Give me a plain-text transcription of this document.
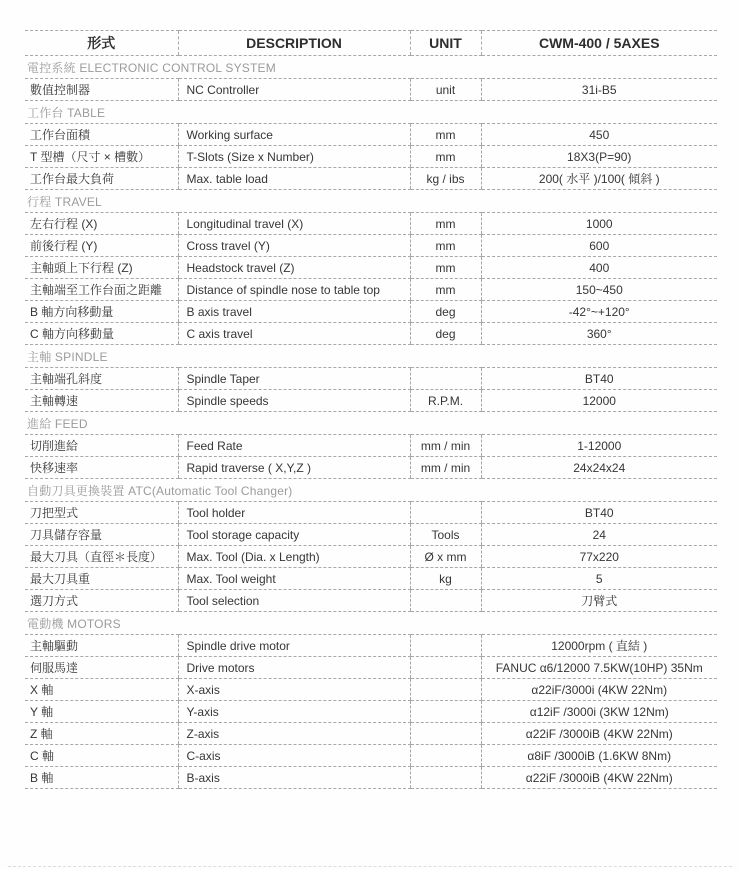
形式	DESCRIPTION	UNIT	CWM-400 / 5AXES
電控系統 ELECTRONIC CONTROL SYSTEM			
數值控制器	NC Controller	unit	31i-B5
工作台 TABLE			
工作台面積	Working surface	mm	450
T 型槽（尺寸 × 槽數）	T-Slots (Size x Number)	mm	18X3(P=90)
工作台最大負荷	Max. table load	kg / ibs	200( 水平 )/100( 傾斜 )
行程 TRAVEL			
左右行程 (X)	Longitudinal travel (X)	mm	1000
前後行程 (Y)	Cross travel (Y)	mm	600
主軸頭上下行程 (Z)	Headstock travel (Z)	mm	400
主軸端至工作台面之距離	Distance of spindle nose to table top	mm	150~450
B 軸方向移動量	B axis travel	deg	-42°~+120°
C 軸方向移動量	C axis travel	deg	360°
主軸 SPINDLE			
主軸端孔斜度	Spindle Taper		BT40
主軸轉速	Spindle speeds	R.P.M.	12000
進給 FEED			
切削進給	Feed Rate	mm / min	1-12000
快移速率	Rapid traverse ( X,Y,Z )	mm / min	24x24x24
自動刀具更換裝置 ATC(Automatic Tool Changer)			
刀把型式	Tool holder		BT40
刀具儲存容量	Tool storage capacity	Tools	24
最大刀具（直徑＊長度）	Max. Tool (Dia. x Length)	Ø x mm	77x220
最大刀具重	Max. Tool weight	kg	5
選刀方式	Tool selection		刀臂式
電動機 MOTORS			
主軸驅動	Spindle drive motor		12000rpm ( 直結 )
伺服馬達	Drive motors		FANUC α6/12000 7.5KW(10HP) 35Nm
X 軸	X-axis		α22iF/3000i (4KW 22Nm)
Y 軸	Y-axis		α12iF /3000i (3KW 12Nm)
Z 軸	Z-axis		α22iF /3000iB (4KW 22Nm)
C 軸	C-axis		α8iF /3000iB (1.6KW 8Nm)
B 軸	B-axis		α22iF /3000iB (4KW 22Nm)
